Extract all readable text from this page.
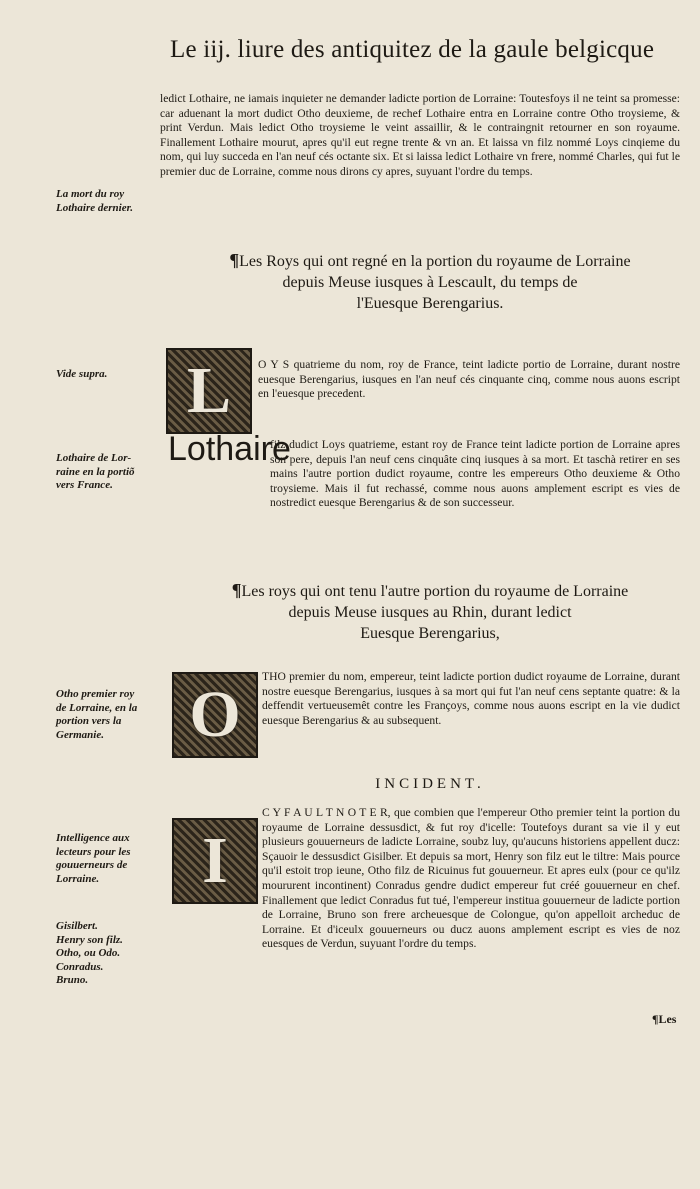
Le iij. liure des antiquitez de la gaule belgicque

ledict Lothaire, ne iamais inquieter ne demander ladicte portion de Lorraine: Toutesfoys il ne teint sa promesse: car aduenant la mort dudict Otho deuxieme, de rechef Lothaire entra en Lorraine contre Otho troysieme, & print Verdun. Mais ledict Otho troysieme le veint assaillir, & le contraingnit retourner en son royaume. Finallement Lothaire mourut, apres qu'il eut regne trente & vn an. Et laissa vn filz nommé Loys cinqieme du nom, qui luy succeda en l'an neuf cés octante six. Et si laissa ledict Lothaire vn frere, nommé Charles, qui fut le premier duc de Lorraine, comme nous dirons cy apres, suyuant l'ordre du temps.

La mort du roy
Lothaire dernier.
¶Les Roys qui ont regné en la portion du royaume de Lorraine
depuis Meuse iusques à Lescault, du temps de
l'Euesque Berengarius.
Vide supra.	L O Y S quatrieme du nom, roy de France, teint ladicte portio de Lorraine, durant nostre euesque Berengarius, iusques en l'an neuf cés cinquante cinq, comme nous auons escript en l'euesque precedent.

Lothaire

filz dudict Loys quatrieme, estant roy de France teint ladicte portion de Lorraine apres son pere, depuis l'an neuf cens cinquâte cinq iusques à sa mort. Et taschà retirer en ses mains l'autre portion dudict royaume, contre les empereurs Otho deuxieme & Otho troysieme. Mais il fut rechassé, comme nous auons amplement escript es vies de nostredict euesque Berengarius & de son successeur.

Lothaire de Lor-
raine en la portiõ
vers France.
¶Les roys qui ont tenu l'autre portion du royaume de Lorraine
depuis Meuse iusques au Rhin, durant ledict
Euesque Berengarius,
O

THO premier du nom, empereur, teint ladicte portion dudict royaume de Lorraine, durant nostre euesque Berengarius, iusques à sa mort qui fut l'an neuf cens septante quatre: & la deffendit vertueusemêt contre les Françoys, comme nous auons escript en la vie dudict euesque Berengarius & au subsequent.

Otho premier roy
de Lorraine, en la
portion vers la
Germanie.
INCIDENT.
I

C Y F A U L T N O T E R, que combien que l'empereur Otho premier teint la portion du royaume de Lorraine dessusdict, & fut roy d'icelle: Toutefoys durant sa vie il y eut plusieurs gouuerneurs de ladicte Lorraine, soubz luy, qu'aucuns historiens appellent ducz: Sçauoir le dessusdict Gisilber. Et depuis sa mort, Henry son filz eut le tiltre: Mais pource qu'il estoit trop ieune, Otho filz de Ricuinus fut gouuerneur. Et apres eulx (pour ce qu'ilz moururent incontinent) Conradus gendre dudict empereur fut créé gouuerneur en chef. Finallement que ledict Conradus fut tué, l'empereur institua gouuerneur de ladicte portion de Lorraine, Bruno son frere archeuesque de Colongue, qu'on appelloit archeduc de Lorraine. Et d'iceulx gouuerneurs ou ducz auons amplement escript es vies de noz euesques de Verdun, suyuant l'ordre du temps.

Intelligence aux
lecteurs pour les
gouuerneurs de
Lorraine.
Gisilbert.
Henry son filz.
Otho, ou Odo.
Conradus.
Bruno.
¶Les
